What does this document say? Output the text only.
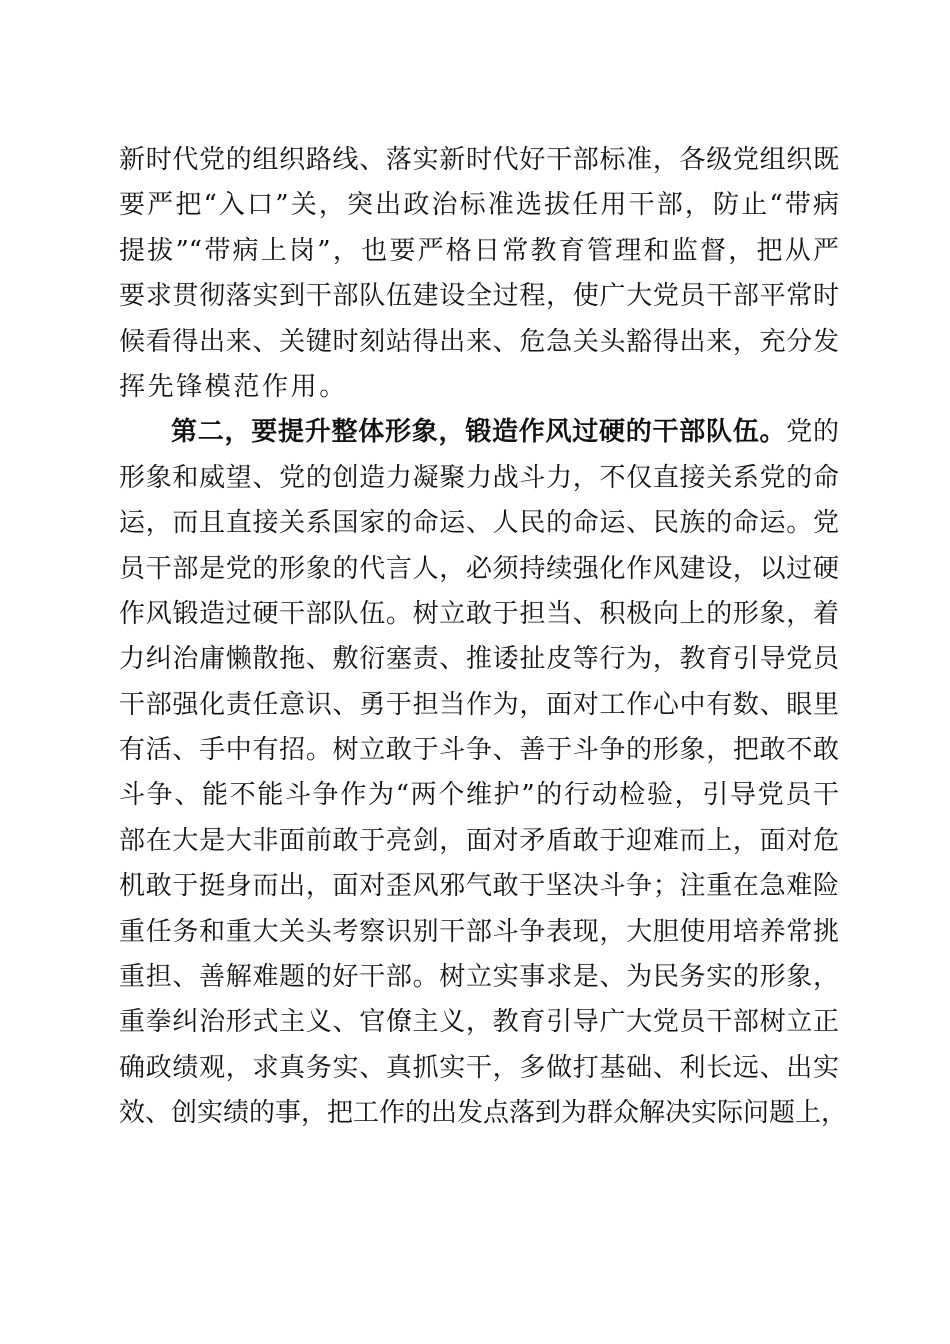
新时代党的组织路线、落实新时代好干部标准，各级党组织既
要严把“入口”关，突出政治标准选拔任用干部，防止“带病
提拔”“带病上岗”，也要严格日常教育管理和监督，把从严
要求贯彻落实到干部队伍建设全过程，使广大党员干部平常时
候看得出来、关键时刻站得出来、危急关头豁得出来，充分发
挥先锋模范作用。
第二，要提升整体形象，锻造作风过硬的干部队伍。党的
形象和威望、党的创造力凝聚力战斗力，不仅直接关系党的命
运，而且直接关系国家的命运、人民的命运、民族的命运。党
员干部是党的形象的代言人，必须持续强化作风建设，以过硬
作风锻造过硬干部队伍。树立敢于担当、积极向上的形象，着
力纠治庸懒散拖、敷衍塞责、推诿扯皮等行为，教育引导党员
干部强化责任意识、勇于担当作为，面对工作心中有数、眼里
有活、手中有招。树立敢于斗争、善于斗争的形象，把敢不敢
斗争、能不能斗争作为“两个维护”的行动检验，引导党员干
部在大是大非面前敢于亮剑，面对矛盾敢于迎难而上，面对危
机敢于挺身而出，面对歪风邪气敢于坚决斗争；注重在急难险
重任务和重大关头考察识别干部斗争表现，大胆使用培养常挑
重担、善解难题的好干部。树立实事求是、为民务实的形象，
重拳纠治形式主义、官僚主义，教育引导广大党员干部树立正
确政绩观，求真务实、真抓实干，多做打基础、利长远、出实
效、创实绩的事，把工作的出发点落到为群众解决实际问题上，
